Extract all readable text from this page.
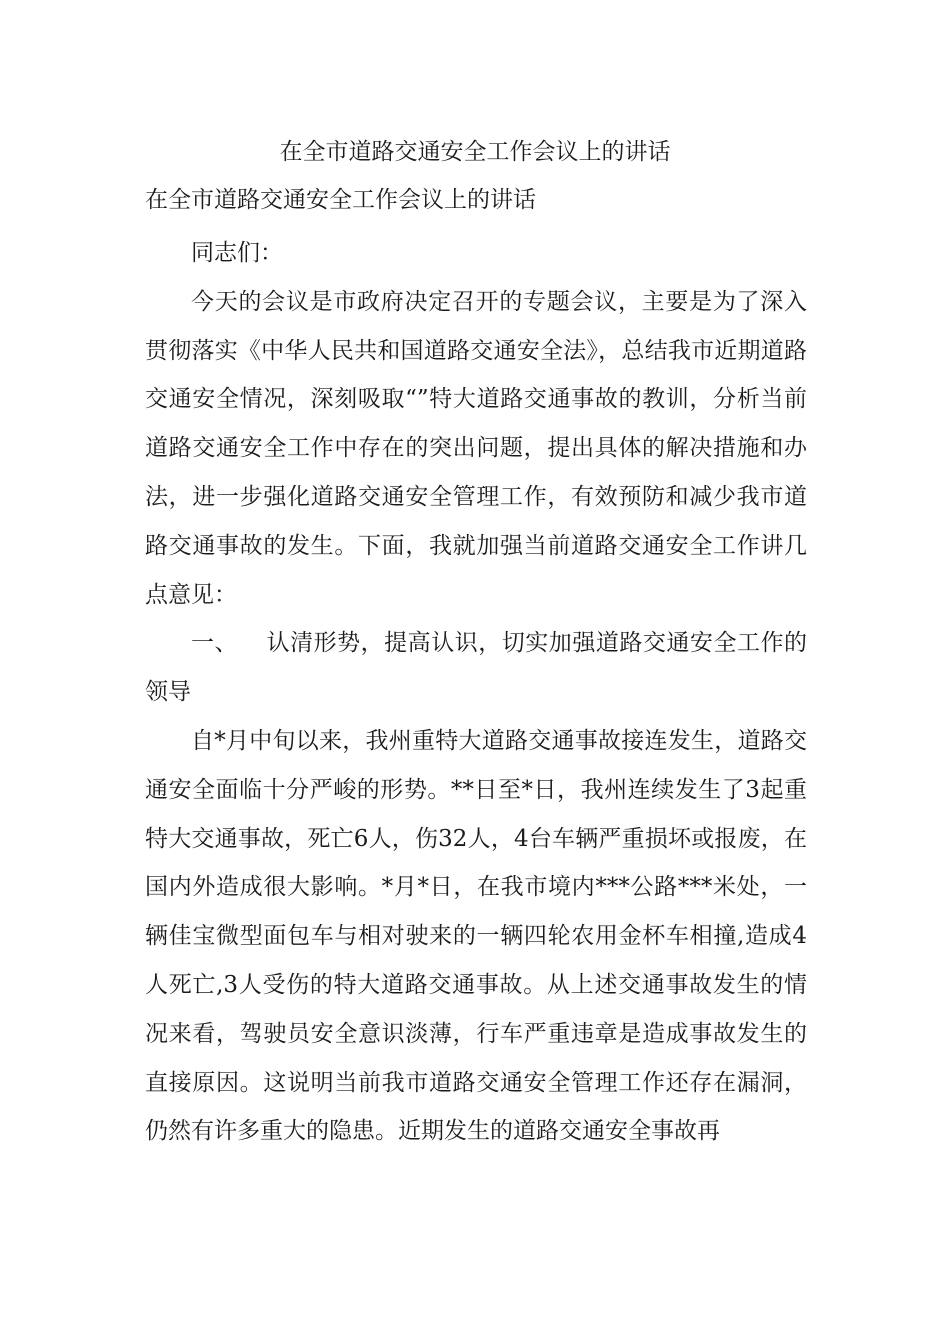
在全市道路交通安全工作会议上的讲话
在全市道路交通安全工作会议上的讲话

同志们：

今天的会议是市政府决定召开的专题会议，主要是为了深入贯彻落实《中华人民共和国道路交通安全法》，总结我市近期道路交通安全情况，深刻吸取“”特大道路交通事故的教训，分析当前道路交通安全工作中存在的突出问题，提出具体的解决措施和办法，进一步强化道路交通安全管理工作，有效预防和减少我市道路交通事故的发生。下面，我就加强当前道路交通安全工作讲几点意见：

一、 认清形势，提高认识，切实加强道路交通安全工作的领导

自*月中旬以来，我州重特大道路交通事故接连发生，道路交通安全面临十分严峻的形势。**日至*日，我州连续发生了3起重特大交通事故，死亡6人，伤32人，4台车辆严重损坏或报废，在国内外造成很大影响。*月*日，在我市境内***公路***米处，一辆佳宝微型面包车与相对驶来的一辆四轮农用金杯车相撞,造成4人死亡,3人受伤的特大道路交通事故。从上述交通事故发生的情况来看，驾驶员安全意识淡薄，行车严重违章是造成事故发生的直接原因。这说明当前我市道路交通安全管理工作还存在漏洞，仍然有许多重大的隐患。近期发生的道路交通安全事故再
